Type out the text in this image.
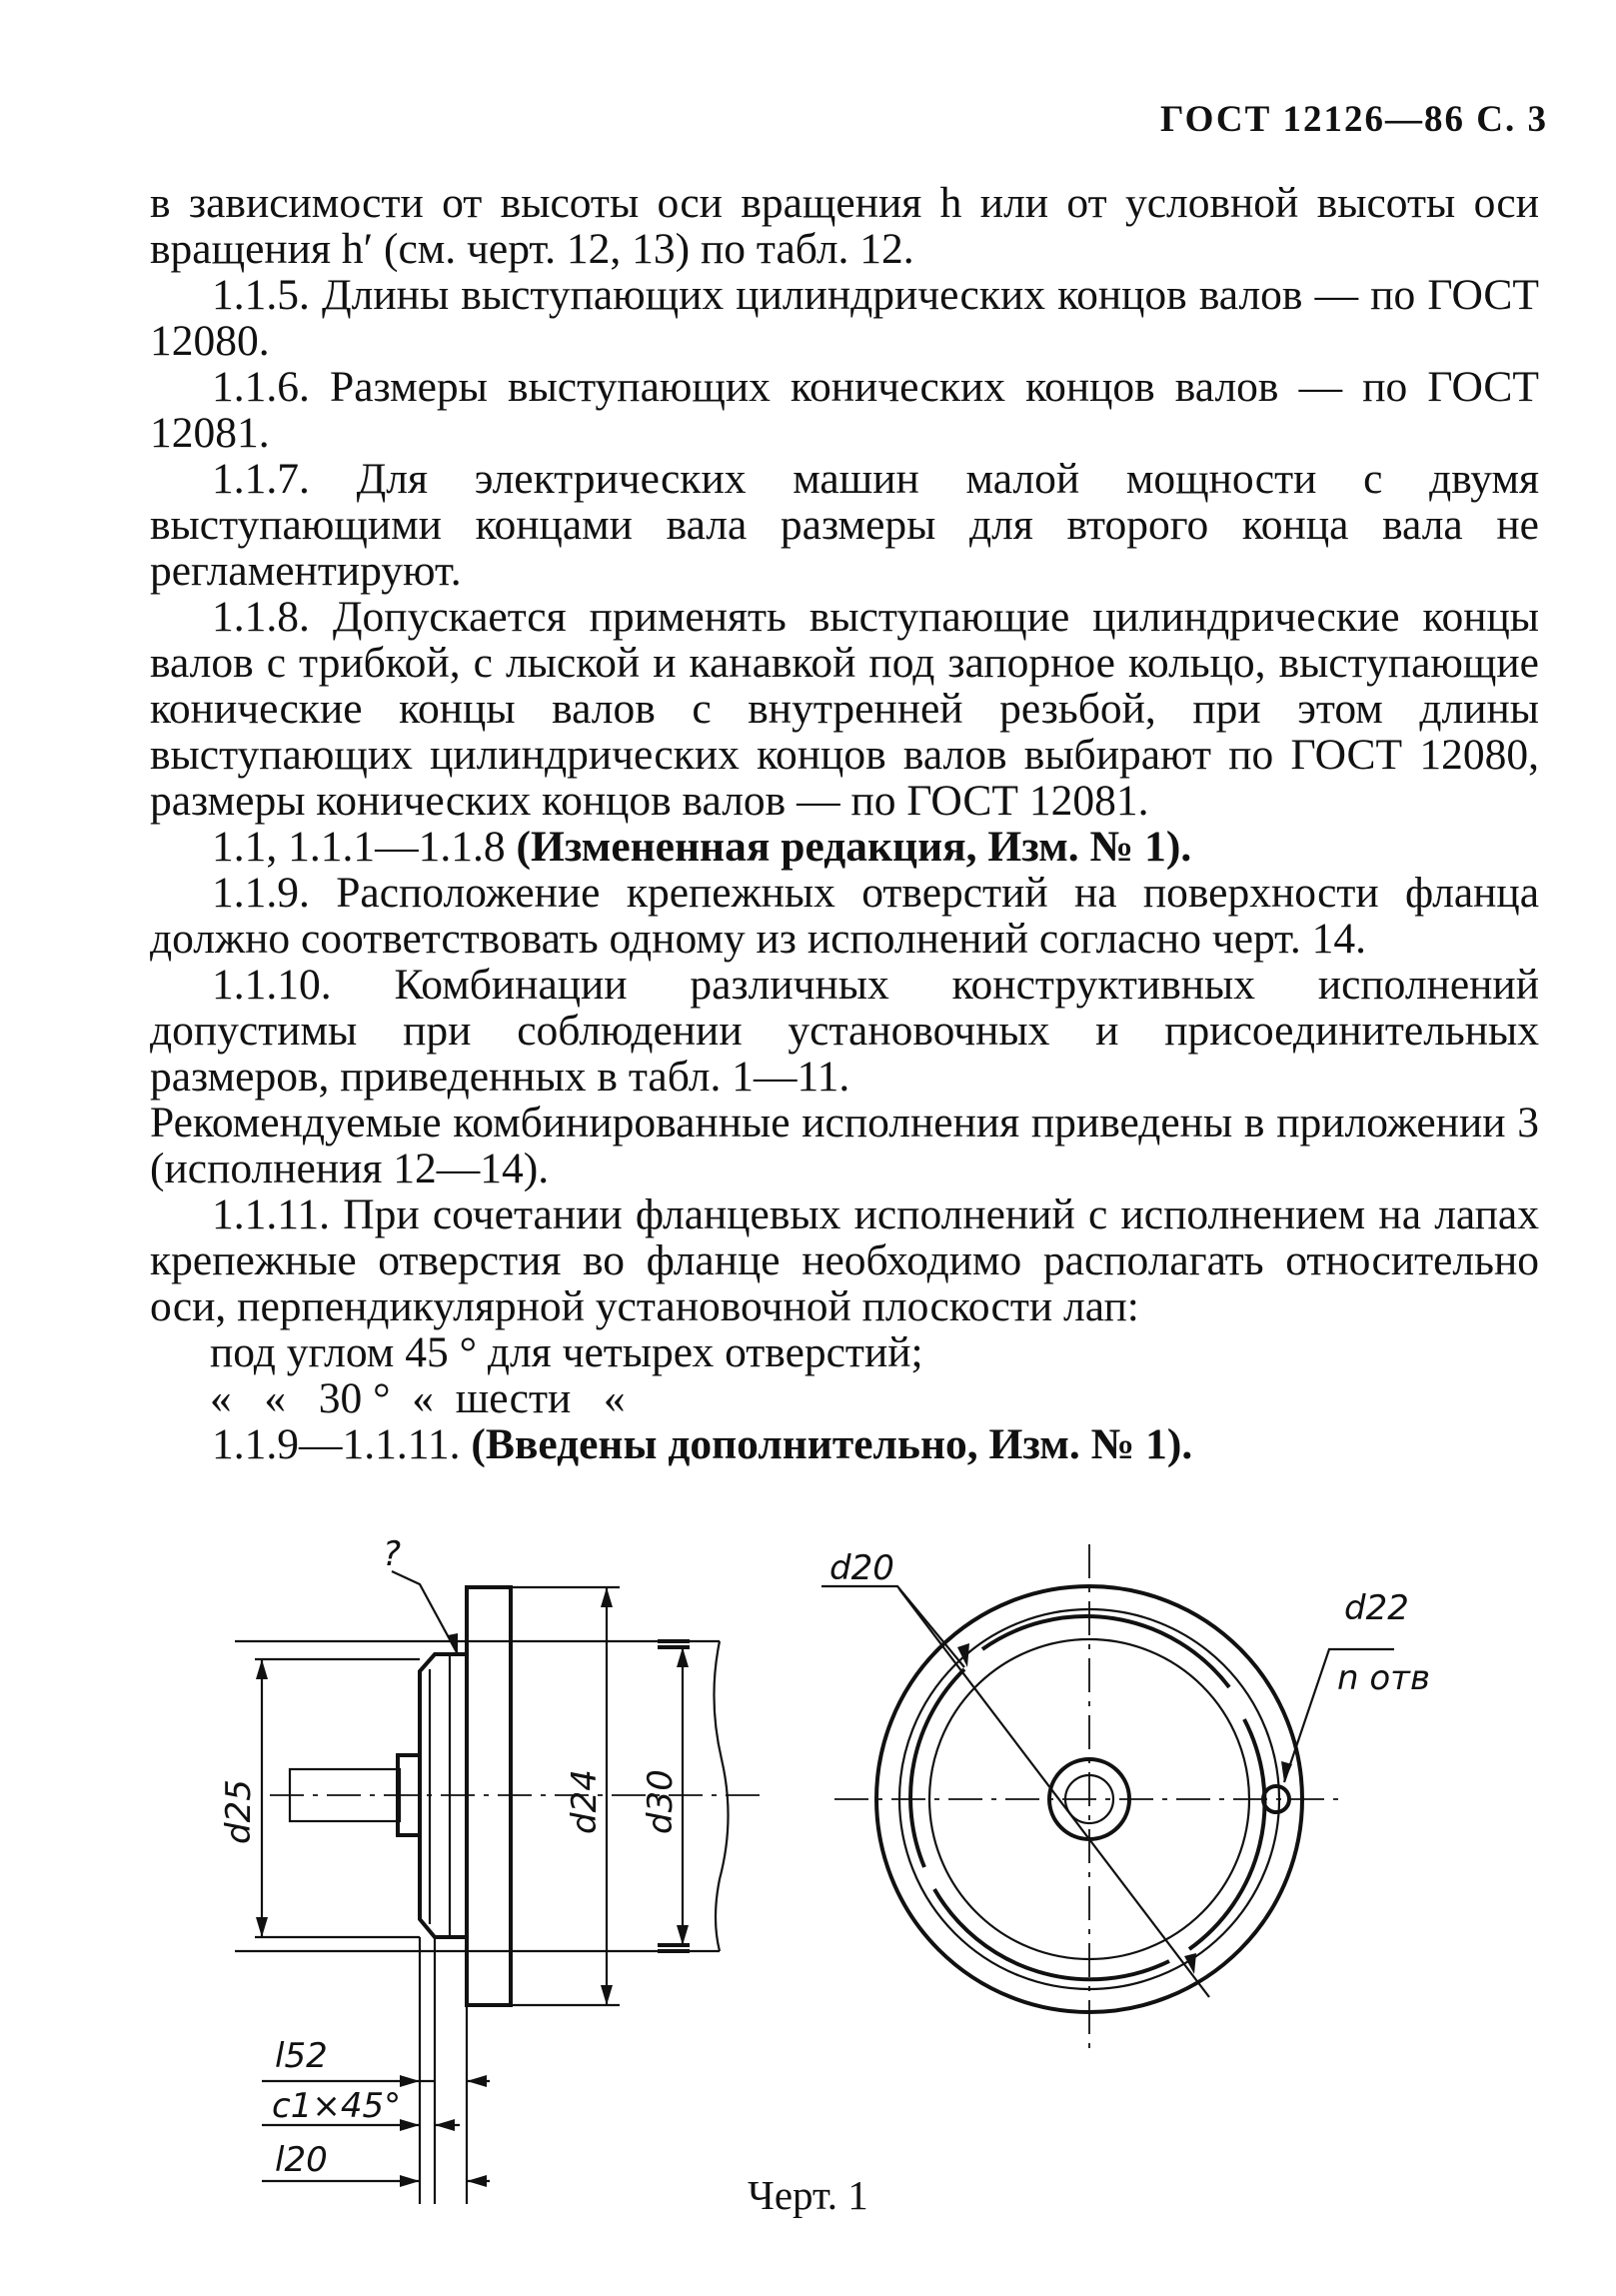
ГОСТ 12126—86 С. 3

в зависимости от высоты оси вращения h или от условной высоты оси вращения h′ (см. черт. 12, 13) по табл. 12.

1.1.5. Длины выступающих цилиндрических концов валов — по ГОСТ 12080.

1.1.6. Размеры выступающих конических концов валов — по ГОСТ 12081.

1.1.7. Для электрических машин малой мощности с двумя выступающими концами вала размеры для второго конца вала не регламентируют.

1.1.8. Допускается применять выступающие цилиндрические концы валов с трибкой, с лыской и канавкой под запорное кольцо, выступающие конические концы валов с внутренней резьбой, при этом длины выступающих цилиндрических концов валов выбирают по ГОСТ 12080, размеры конических концов валов — по ГОСТ 12081.

1.1, 1.1.1—1.1.8 (Измененная редакция, Изм. № 1).

1.1.9. Расположение крепежных отверстий на поверхности фланца должно соответствовать одному из исполнений согласно черт. 14.

1.1.10. Комбинации различных конструктивных исполнений допустимы при соблюдении установочных и присоединительных размеров, приведенных в табл. 1—11.

Рекомендуемые комбинированные исполнения приведены в приложении 3 (исполнения 12—14).

1.1.11. При сочетании фланцевых исполнений с исполнением на лапах крепежные отверстия во фланце необходимо располагать относительно оси, перпендикулярной установочной плоскости лап:

под углом 45 ° для четырех отверстий;

«   «   30 °  «  шести   «

1.1.9—1.1.11. (Введены дополнительно, Изм. № 1).

?
d25	d24 d30
l52
c1×45°
l20
d20
d22
n отв
Черт. 1
